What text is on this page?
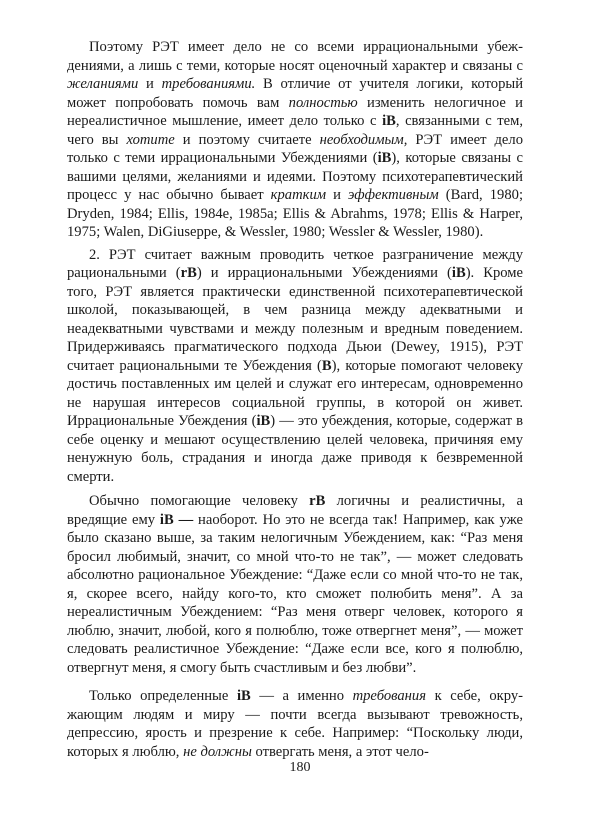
Поэтому РЭТ имеет дело не со всеми иррациональными убеждениями, а лишь с теми, которые носят оценочный характер и связаны с желаниями и требованиями. В отличие от учителя логики, который может попробовать помочь вам полностью изменить нелогичное и нереалистичное мышление, имеет дело только с iB, связанными с тем, чего вы хотите и поэтому считаете необходимым, РЭТ имеет дело только с теми иррациональными Убеждениями (iB), которые связаны с вашими целями, желаниями и идеями. Поэтому психотерапевтический процесс у нас обычно бывает кратким и эффективным (Bard, 1980; Dryden, 1984; Ellis, 1984e, 1985a; Ellis & Abrahms, 1978; Ellis & Harper, 1975; Walen, DiGiuseppe, & Wessler, 1980; Wessler & Wessler, 1980).

2. РЭТ считает важным проводить четкое разграничение между рациональными (rB) и иррациональными Убеждениями (iB). Кроме того, РЭТ является практически единственной психотерапевтической школой, показывающей, в чем разница между адекватными и неадекватными чувствами и между полезным и вредным поведением. Придерживаясь прагматического подхода Дьюи (Dewey, 1915), РЭТ считает рациональными те Убеждения (B), которые помогают человеку достичь поставленных им целей и служат его интересам, одновременно не нарушая интересов социальной группы, в которой он живет. Иррациональные Убеждения (iB) — это убеждения, которые, содержат в себе оценку и мешают осуществлению целей человека, причиняя ему ненужную боль, страдания и иногда даже приводя к безвременной смерти.

Обычно помогающие человеку rB логичны и реалистичны, а вредящие ему iB — наоборот. Но это не всегда так! Например, как уже было сказано выше, за таким нелогичным Убеждением, как: “Раз меня бросил любимый, значит, со мной что-то не так”, — может следовать абсолютно рациональное Убеждение: “Даже если со мной что-то не так, я, скорее всего, найду кого-то, кто сможет полюбить меня”. А за нереалистичным Убеждением: “Раз меня отверг человек, которого я люблю, значит, любой, кого я полюблю, тоже отвергнет меня”, — может следовать реалистичное Убеждение: “Даже если все, кого я полюблю, отвергнут меня, я смогу быть счастливым и без любви”.

Только определенные iB — а именно требования к себе, окружающим людям и миру — почти всегда вызывают тревожность, депрессию, ярость и презрение к себе. Например: “Поскольку люди, которых я люблю, не должны отвергать меня, а этот чело-

180
